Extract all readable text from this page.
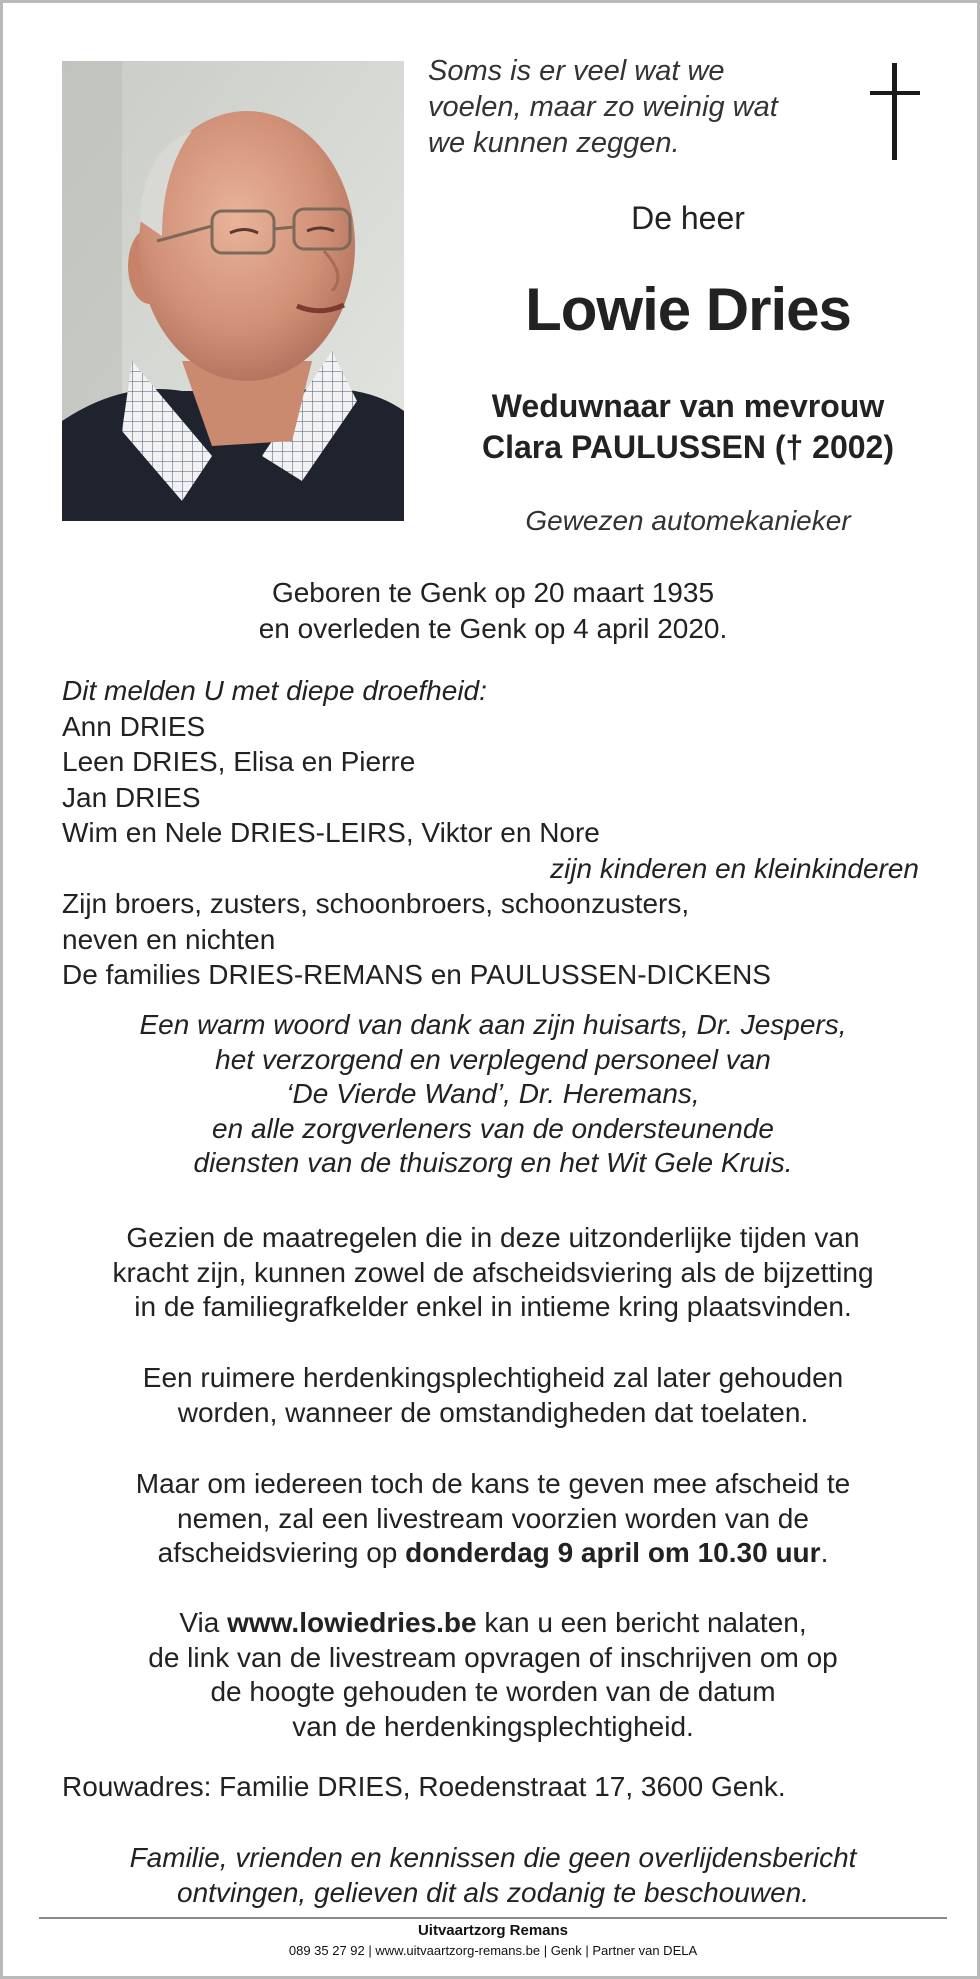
Soms is er veel wat we
voelen, maar zo weinig wat
we kunnen zeggen.
De heer
Lowie Dries
Weduwnaar van mevrouw
Clara PAULUSSEN († 2002)
Gewezen automekanieker
Geboren te Genk op 20 maart 1935
en overleden te Genk op 4 april 2020.
Dit melden U met diepe droefheid:
Ann DRIES
Leen DRIES, Elisa en Pierre
Jan DRIES
Wim en Nele DRIES-LEIRS, Viktor en Nore
zijn kinderen en kleinkinderen
Zijn broers, zusters, schoonbroers, schoonzusters,
neven en nichten
De families DRIES-REMANS en PAULUSSEN-DICKENS
Een warm woord van dank aan zijn huisarts, Dr. Jespers,
het verzorgend en verplegend personeel van
‘De Vierde Wand’, Dr. Heremans,
en alle zorgverleners van de ondersteunende
diensten van de thuiszorg en het Wit Gele Kruis.
Gezien de maatregelen die in deze uitzonderlijke tijden van
kracht zijn, kunnen zowel de afscheidsviering als de bijzetting
in de familiegrafkelder enkel in intieme kring plaatsvinden.
Een ruimere herdenkingsplechtigheid zal later gehouden
worden, wanneer de omstandigheden dat toelaten.
Maar om iedereen toch de kans te geven mee afscheid te
nemen, zal een livestream voorzien worden van de
afscheidsviering op donderdag 9 april om 10.30 uur.
Via www.lowiedries.be kan u een bericht nalaten,
de link van de livestream opvragen of inschrijven om op
de hoogte gehouden te worden van de datum
van de herdenkingsplechtigheid.
Rouwadres: Familie DRIES, Roedenstraat 17, 3600 Genk.
Familie, vrienden en kennissen die geen overlijdensbericht
ontvingen, gelieven dit als zodanig te beschouwen.
Uitvaartzorg Remans
089 35 27 92 | www.uitvaartzorg-remans.be | Genk | Partner van DELA
